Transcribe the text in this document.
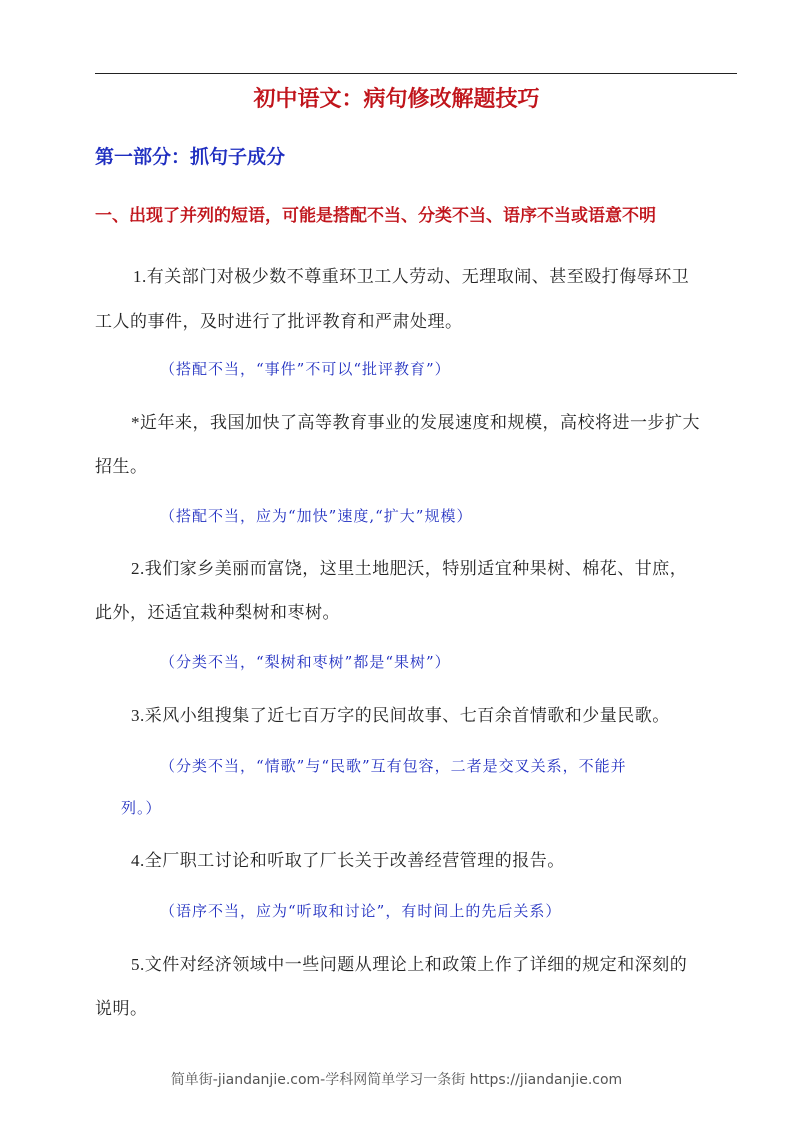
初中语文：病句修改解题技巧
第一部分：抓句子成分
一、出现了并列的短语，可能是搭配不当、分类不当、语序不当或语意不明
1.有关部门对极少数不尊重环卫工人劳动、无理取闹、甚至殴打侮辱环卫
工人的事件，及时进行了批评教育和严肃处理。
（搭配不当，“事件”不可以“批评教育”）
*近年来，我国加快了高等教育事业的发展速度和规模，高校将进一步扩大
招生。
（搭配不当，应为“加快”速度,“扩大”规模）
2.我们家乡美丽而富饶，这里土地肥沃，特别适宜种果树、棉花、甘庶，
此外，还适宜栽种梨树和枣树。
（分类不当，“梨树和枣树”都是“果树”）
3.采风小组搜集了近七百万字的民间故事、七百余首情歌和少量民歌。
（分类不当，“情歌”与“民歌”互有包容，二者是交叉关系，不能并
列。）
4.全厂职工讨论和听取了厂长关于改善经营管理的报告。
（语序不当，应为“听取和讨论”，有时间上的先后关系）
5.文件对经济领域中一些问题从理论上和政策上作了详细的规定和深刻的
说明。
简单街-jiandanjie.com-学科网简单学习一条街 https://jiandanjie.com
